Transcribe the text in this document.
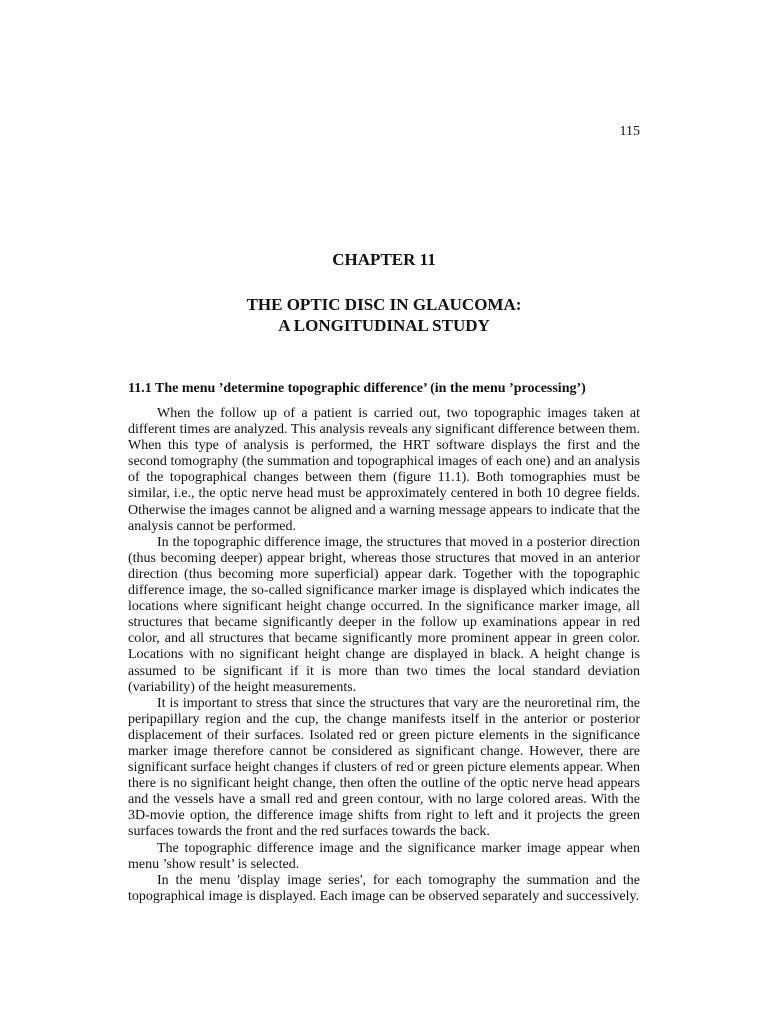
115

CHAPTER 11
THE OPTIC DISC IN GLAUCOMA:
A LONGITUDINAL STUDY
11.1 The menu ’determine topographic difference’ (in the menu ’processing’)

When the follow up of a patient is carried out, two topographic images taken at different times are analyzed. This analysis reveals any significant difference between them. When this type of analysis is performed, the HRT software displays the first and the second tomography (the summation and topographical images of each one) and an analysis of the topographical changes between them (figure 11.1). Both tomographies must be similar, i.e., the optic nerve head must be approximately centered in both 10 degree fields. Otherwise the images cannot be aligned and a warning message appears to indicate that the analysis cannot be performed.

In the topographic difference image, the structures that moved in a posterior direction (thus becoming deeper) appear bright, whereas those structures that moved in an anterior direction (thus becoming more superficial) appear dark. Together with the topographic difference image, the so-called significance marker image is displayed which indicates the locations where significant height change occurred. In the significance marker image, all structures that became significantly deeper in the follow up examinations appear in red color, and all structures that became significantly more prominent appear in green color. Locations with no significant height change are displayed in black. A height change is assumed to be significant if it is more than two times the local standard deviation (variability) of the height measurements.

It is important to stress that since the structures that vary are the neuroretinal rim, the peripapillary region and the cup, the change manifests itself in the anterior or posterior displacement of their surfaces. Isolated red or green picture elements in the significance marker image therefore cannot be considered as significant change. However, there are significant surface height changes if clusters of red or green picture elements appear. When there is no significant height change, then often the outline of the optic nerve head appears and the vessels have a small red and green contour, with no large colored areas. With the 3D-movie option, the difference image shifts from right to left and it projects the green surfaces towards the front and the red surfaces towards the back.

The topographic difference image and the significance marker image appear when menu ’show result’ is selected.

In the menu 'display image series', for each tomography the summation and the topographical image is displayed. Each image can be observed separately and successively.
